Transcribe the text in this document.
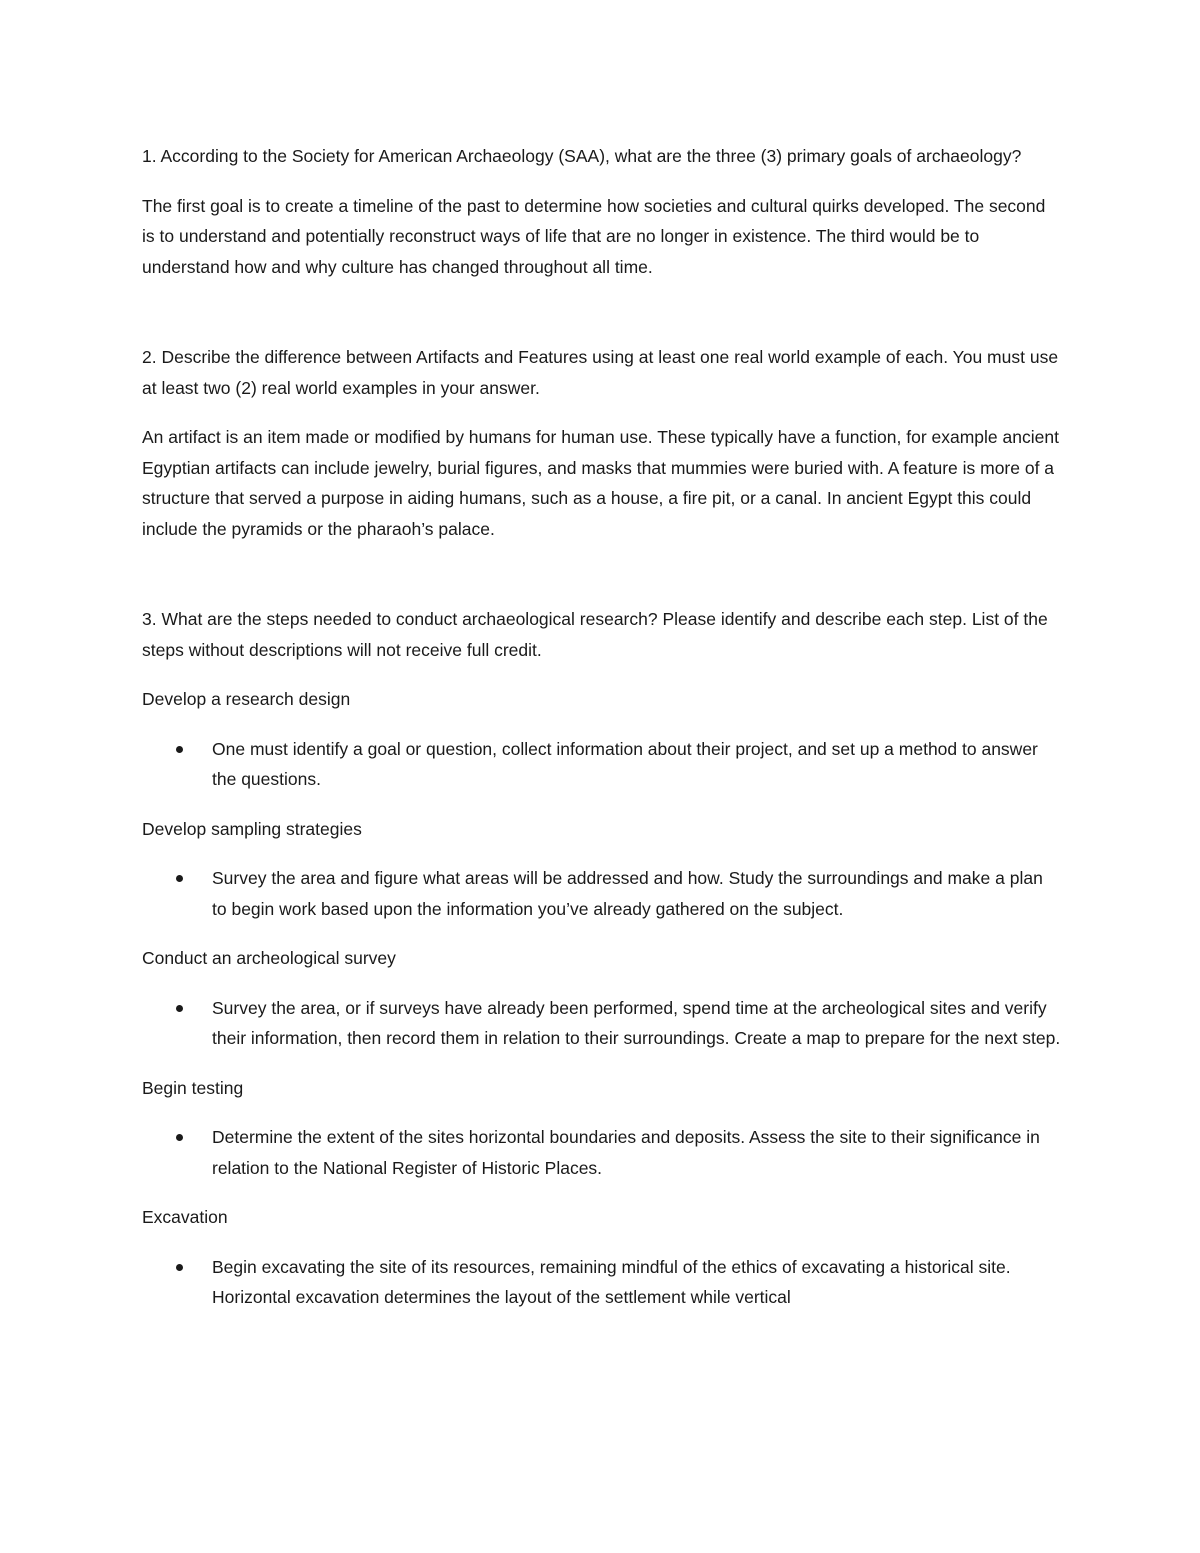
1. According to the Society for American Archaeology (SAA), what are the three (3) primary goals of archaeology?

The first goal is to create a timeline of the past to determine how societies and cultural quirks developed. The second is to understand and potentially reconstruct ways of life that are no longer in existence. The third would be to understand how and why culture has changed throughout all time.

2. Describe the difference between Artifacts and Features using at least one real world example of each. You must use at least two (2) real world examples in your answer.

An artifact is an item made or modified by humans for human use. These typically have a function, for example ancient Egyptian artifacts can include jewelry, burial figures, and masks that mummies were buried with. A feature is more of a structure that served a purpose in aiding humans, such as a house, a fire pit, or a canal. In ancient Egypt this could include the pyramids or the pharaoh’s palace.

3. What are the steps needed to conduct archaeological research? Please identify and describe each step. List of the steps without descriptions will not receive full credit.

Develop a research design

One must identify a goal or question, collect information about their project, and set up a method to answer the questions.

Develop sampling strategies

Survey the area and figure what areas will be addressed and how. Study the surroundings and make a plan to begin work based upon the information you’ve already gathered on the subject.

Conduct an archeological survey

Survey the area, or if surveys have already been performed, spend time at the archeological sites and verify their information, then record them in relation to their surroundings. Create a map to prepare for the next step.

Begin testing

Determine the extent of the sites horizontal boundaries and deposits. Assess the site to their significance in relation to the National Register of Historic Places.

Excavation

Begin excavating the site of its resources, remaining mindful of the ethics of excavating a historical site. Horizontal excavation determines the layout of the settlement while vertical
